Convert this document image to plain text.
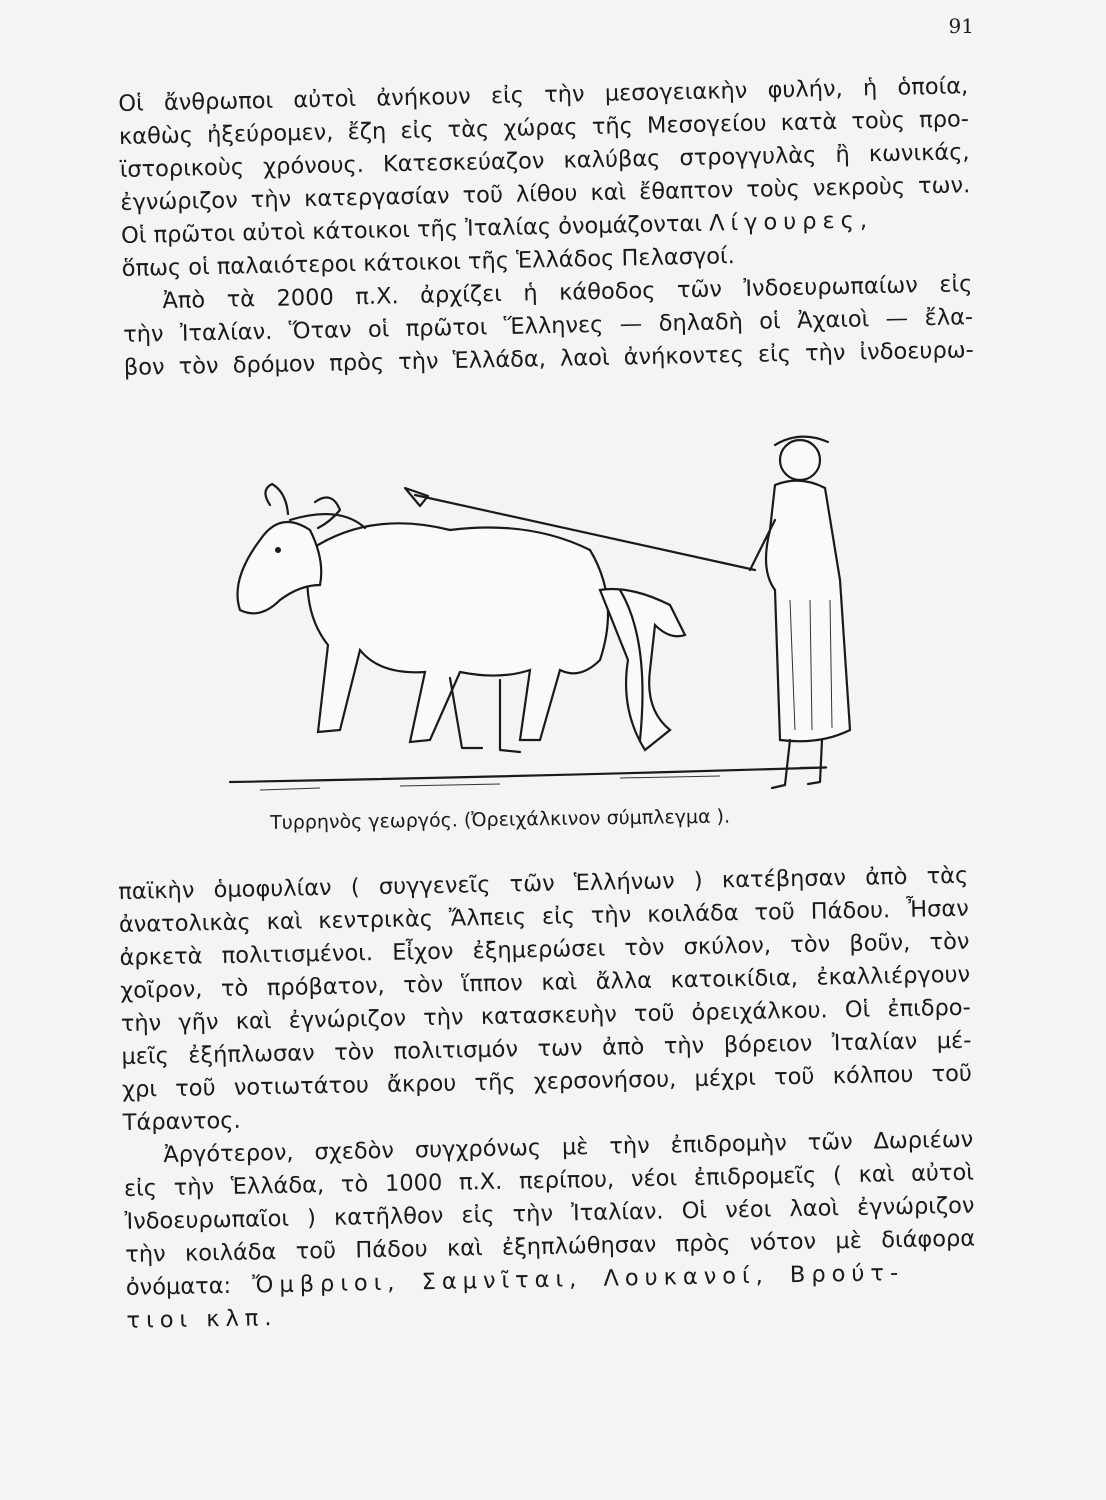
91
Οἱ ἄνθρωποι αὐτοὶ ἀνήκουν εἰς τὴν μεσογειακὴν φυλήν, ἡ ὁποία,
καθὼς ἠξεύρομεν, ἔζη εἰς τὰς χώρας τῆς Μεσογείου κατὰ τοὺς προ-
ϊστορικοὺς χρόνους. Κατεσκεύαζον καλύβας στρογγυλὰς ἢ κωνικάς,
ἐγνώριζον τὴν κατεργασίαν τοῦ λίθου καὶ ἔθαπτον τοὺς νεκροὺς των.
Οἱ πρῶτοι αὐτοὶ κάτοικοι τῆς Ἰταλίας ὀνομάζονται Λίγουρες,
ὅπως οἱ παλαιότεροι κάτοικοι τῆς Ἑλλάδος Πελασγοί.
Ἀπὸ τὰ 2000 π.Χ. ἀρχίζει ἡ κάθοδος τῶν Ἰνδοευρωπαίων εἰς
τὴν Ἰταλίαν. Ὅταν οἱ πρῶτοι Ἕλληνες — δηλαδὴ οἱ Ἀχαιοὶ — ἔλα-
βον τὸν δρόμον πρὸς τὴν Ἑλλάδα, λαοὶ ἀνήκοντες εἰς τὴν ἰνδοευρω-
Τυρρηνὸς γεωργός. (Ὀρειχάλκινον σύμπλεγμα ).
παϊκὴν ὁμοφυλίαν ( συγγενεῖς τῶν Ἑλλήνων ) κατέβησαν ἀπὸ τὰς
ἀνατολικὰς καὶ κεντρικὰς Ἄλπεις εἰς τὴν κοιλάδα τοῦ Πάδου. Ἦσαν
ἀρκετὰ πολιτισμένοι. Εἶχον ἐξημερώσει τὸν σκύλον, τὸν βοῦν, τὸν
χοῖρον, τὸ πρόβατον, τὸν ἵππον καὶ ἄλλα κατοικίδια, ἐκαλλιέργουν
τὴν γῆν καὶ ἐγνώριζον τὴν κατασκευὴν τοῦ ὀρειχάλκου. Οἱ ἐπιδρο-
μεῖς ἐξήπλωσαν τὸν πολιτισμόν των ἀπὸ τὴν βόρειον Ἰταλίαν μέ-
χρι τοῦ νοτιωτάτου ἄκρου τῆς χερσονήσου, μέχρι τοῦ κόλπου τοῦ
Τάραντος.
Ἀργότερον, σχεδὸν συγχρόνως μὲ τὴν ἐπιδρομὴν τῶν Δωριέων
εἰς τὴν Ἑλλάδα, τὸ 1000 π.Χ. περίπου, νέοι ἐπιδρομεῖς ( καὶ αὐτοὶ
Ἰνδοευρωπαῖοι ) κατῆλθον εἰς τὴν Ἰταλίαν. Οἱ νέοι λαοὶ ἐγνώριζον
τὴν κοιλάδα τοῦ Πάδου καὶ ἐξηπλώθησαν πρὸς νότον μὲ διάφορα
ὀνόματα: Ὄμβριοι, Σαμνῖται, Λουκανοί, Βρούτ-
τιοι κλπ.
